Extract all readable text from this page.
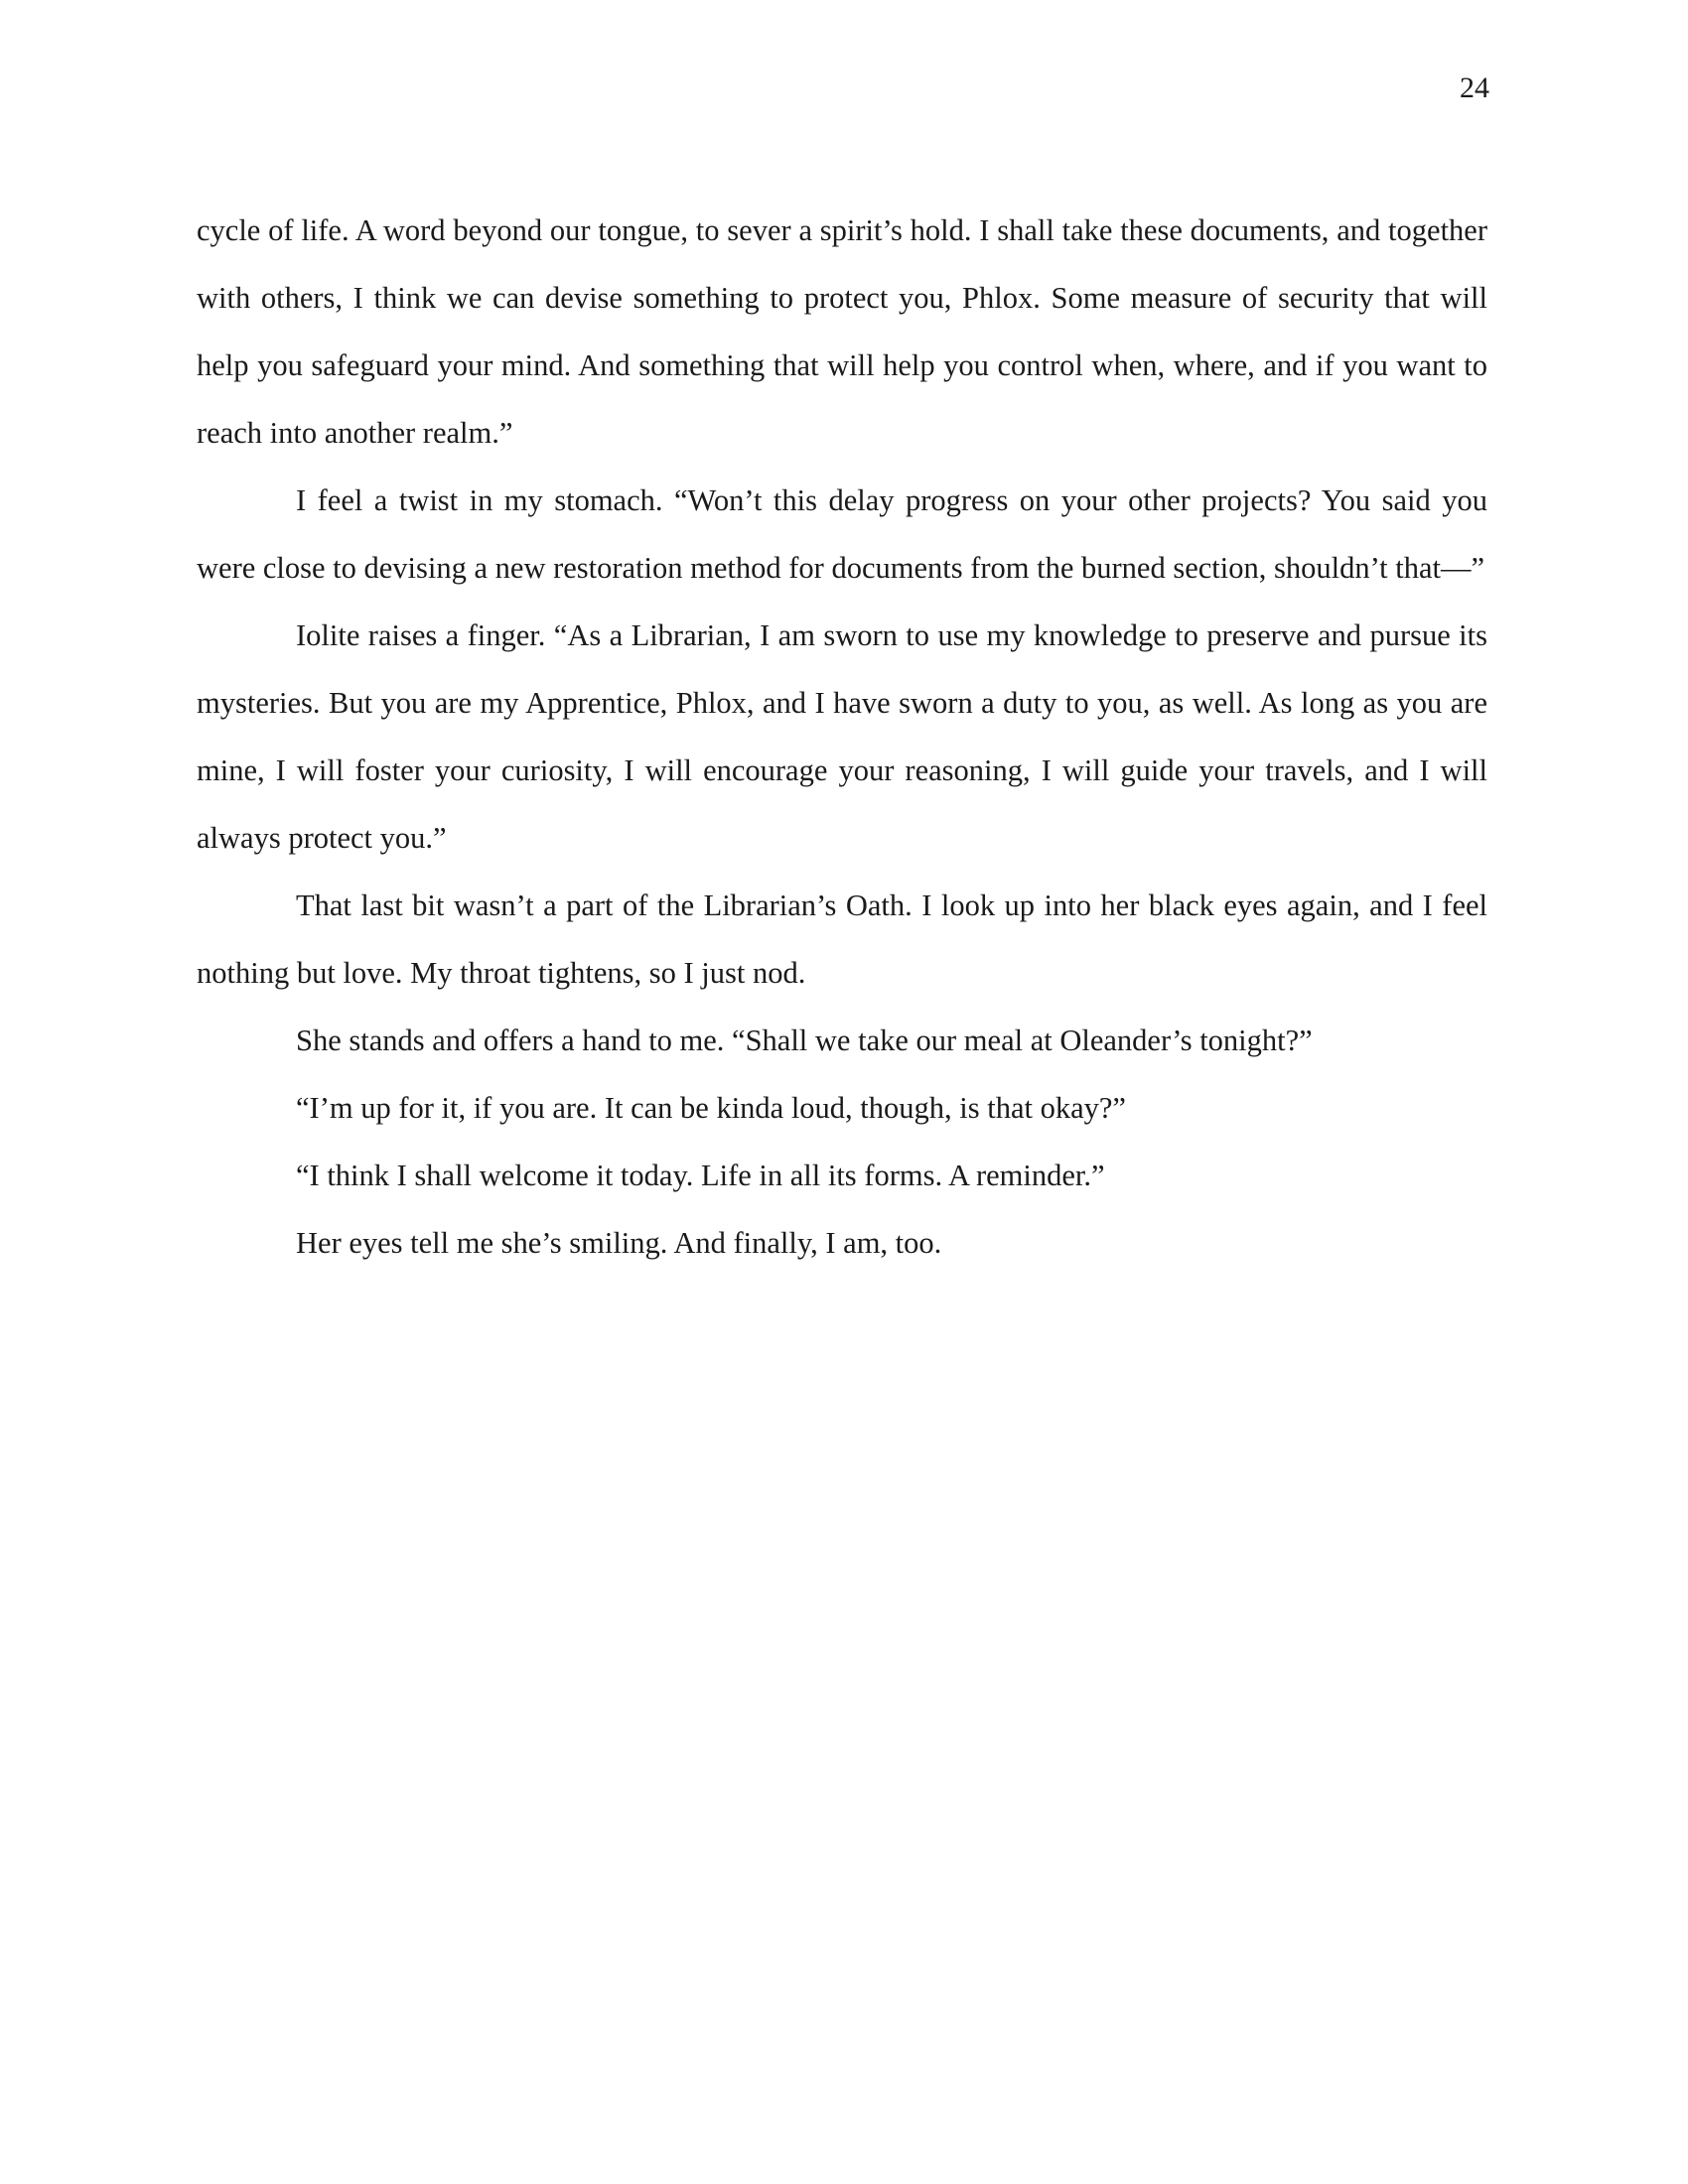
24

cycle of life. A word beyond our tongue, to sever a spirit’s hold. I shall take these documents, and together with others, I think we can devise something to protect you, Phlox. Some measure of security that will help you safeguard your mind. And something that will help you control when, where, and if you want to reach into another realm.”

I feel a twist in my stomach. “Won’t this delay progress on your other projects? You said you were close to devising a new restoration method for documents from the burned section, shouldn’t that—”

Iolite raises a finger. “As a Librarian, I am sworn to use my knowledge to preserve and pursue its mysteries. But you are my Apprentice, Phlox, and I have sworn a duty to you, as well. As long as you are mine, I will foster your curiosity, I will encourage your reasoning, I will guide your travels, and I will always protect you.”

That last bit wasn’t a part of the Librarian’s Oath. I look up into her black eyes again, and I feel nothing but love. My throat tightens, so I just nod.

She stands and offers a hand to me. “Shall we take our meal at Oleander’s tonight?”

“I’m up for it, if you are. It can be kinda loud, though, is that okay?”

“I think I shall welcome it today. Life in all its forms. A reminder.”

Her eyes tell me she’s smiling. And finally, I am, too.
